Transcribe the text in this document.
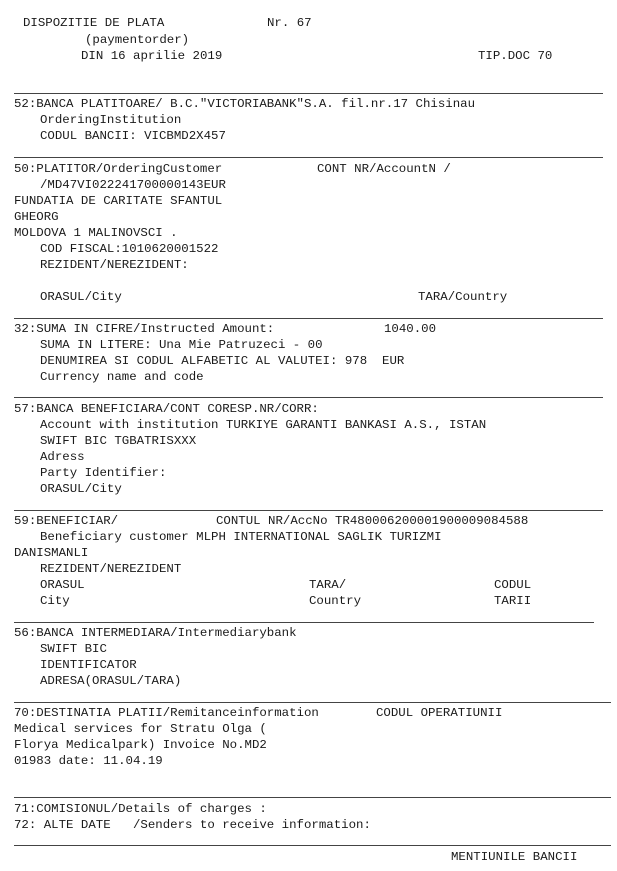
DISPOZITIE DE PLATA	Nr. 67
(paymentorder)
DIN 16 aprilie 2019	TIP.DOC 70
52:BANCA PLATITOARE/ B.C."VICTORIABANK"S.A. fil.nr.17 Chisinau
OrderingInstitution
CODUL BANCII: VICBMD2X457
50:PLATITOR/OrderingCustomer	CONT NR/AccountN /
/MD47VI022241700000143EUR
FUNDATIA DE CARITATE SFANTUL
GHEORG
MOLDOVA 1 MALINOVSCI .
COD FISCAL:1010620001522
REZIDENT/NEREZIDENT:
ORASUL/City	TARA/Country
32:SUMA IN CIFRE/Instructed Amount:	1040.00
SUMA IN LITERE: Una Mie Patruzeci - 00
DENUMIREA SI CODUL ALFABETIC AL VALUTEI: 978  EUR
Currency name and code
57:BANCA BENEFICIARA/CONT CORESP.NR/CORR:
Account with institution TURKIYE GARANTI BANKASI A.S., ISTAN
SWIFT BIC TGBATRISXXX
Adress
Party Identifier:
ORASUL/City
59:BENEFICIAR/	CONTUL NR/AccNo TR480006200001900009084588
Beneficiary customer MLPH INTERNATIONAL SAGLIK TURIZMI
DANISMANLI
REZIDENT/NEREZIDENT
ORASUL	TARA/	CODUL
City	Country	TARII
56:BANCA INTERMEDIARA/Intermediarybank
SWIFT BIC
IDENTIFICATOR
ADRESA(ORASUL/TARA)
70:DESTINATIA PLATII/Remitanceinformation	CODUL OPERATIUNII
Medical services for Stratu Olga (
Florya Medicalpark) Invoice No.MD2
01983 date: 11.04.19
71:COMISIONUL/Details of charges :
72: ALTE DATE   /Senders to receive information:
MENTIUNILE BANCII
